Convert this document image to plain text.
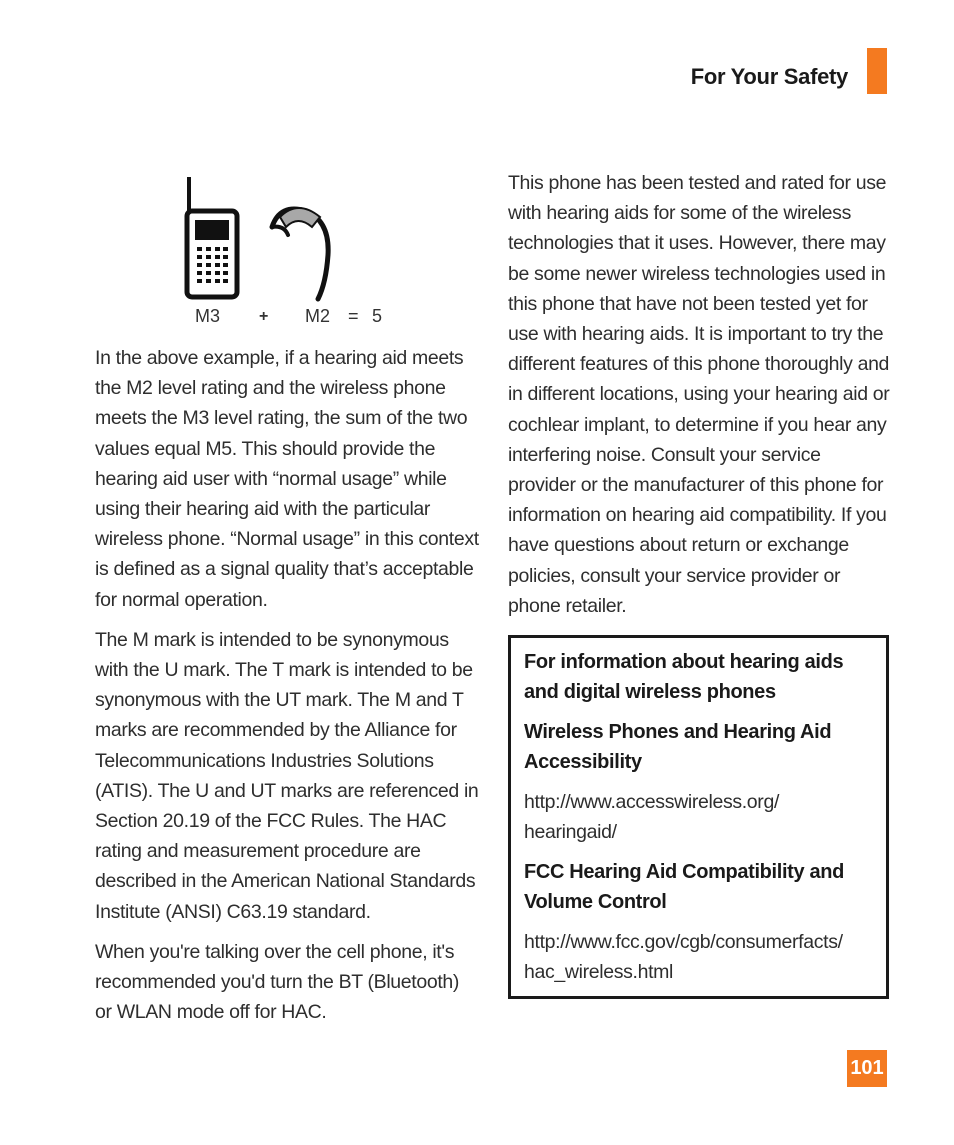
For Your Safety
M3 + M2 = 5

In the above example, if a hearing aid meets the M2 level rating and the wireless phone meets the M3 level rating, the sum of the two values equal M5. This should provide the hearing aid user with “normal usage” while using their hearing aid with the particular wireless phone. “Normal usage” in this context is defined as a signal quality that’s acceptable for normal operation.

The M mark is intended to be synonymous with the U mark. The T mark is intended to be synonymous with the UT mark. The M and T marks are recommended by the Alliance for Telecommunications Industries Solutions (ATIS). The U and UT marks are referenced in Section 20.19 of the FCC Rules. The HAC rating and measurement procedure are described in the American National Standards Institute (ANSI) C63.19 standard.

When you're talking over the cell phone, it's recommended you'd turn the BT (Bluetooth) or WLAN mode off for HAC.

This phone has been tested and rated for use with hearing aids for some of the wireless technologies that it uses. However, there may be some newer wireless technologies used in this phone that have not been tested yet for use with hearing aids. It is important to try the different features of this phone thoroughly and in different locations, using your hearing aid or cochlear implant, to determine if you hear any interfering noise. Consult your service provider or the manufacturer of this phone for information on hearing aid compatibility. If you have questions about return or exchange policies, consult your service provider or phone retailer.

For information about hearing aids and digital wireless phones
Wireless Phones and Hearing Aid Accessibility
http://www.accesswireless.org/ hearingaid/
FCC Hearing Aid Compatibility and Volume Control
http://www.fcc.gov/cgb/consumerfacts/ hac_wireless.html
101
